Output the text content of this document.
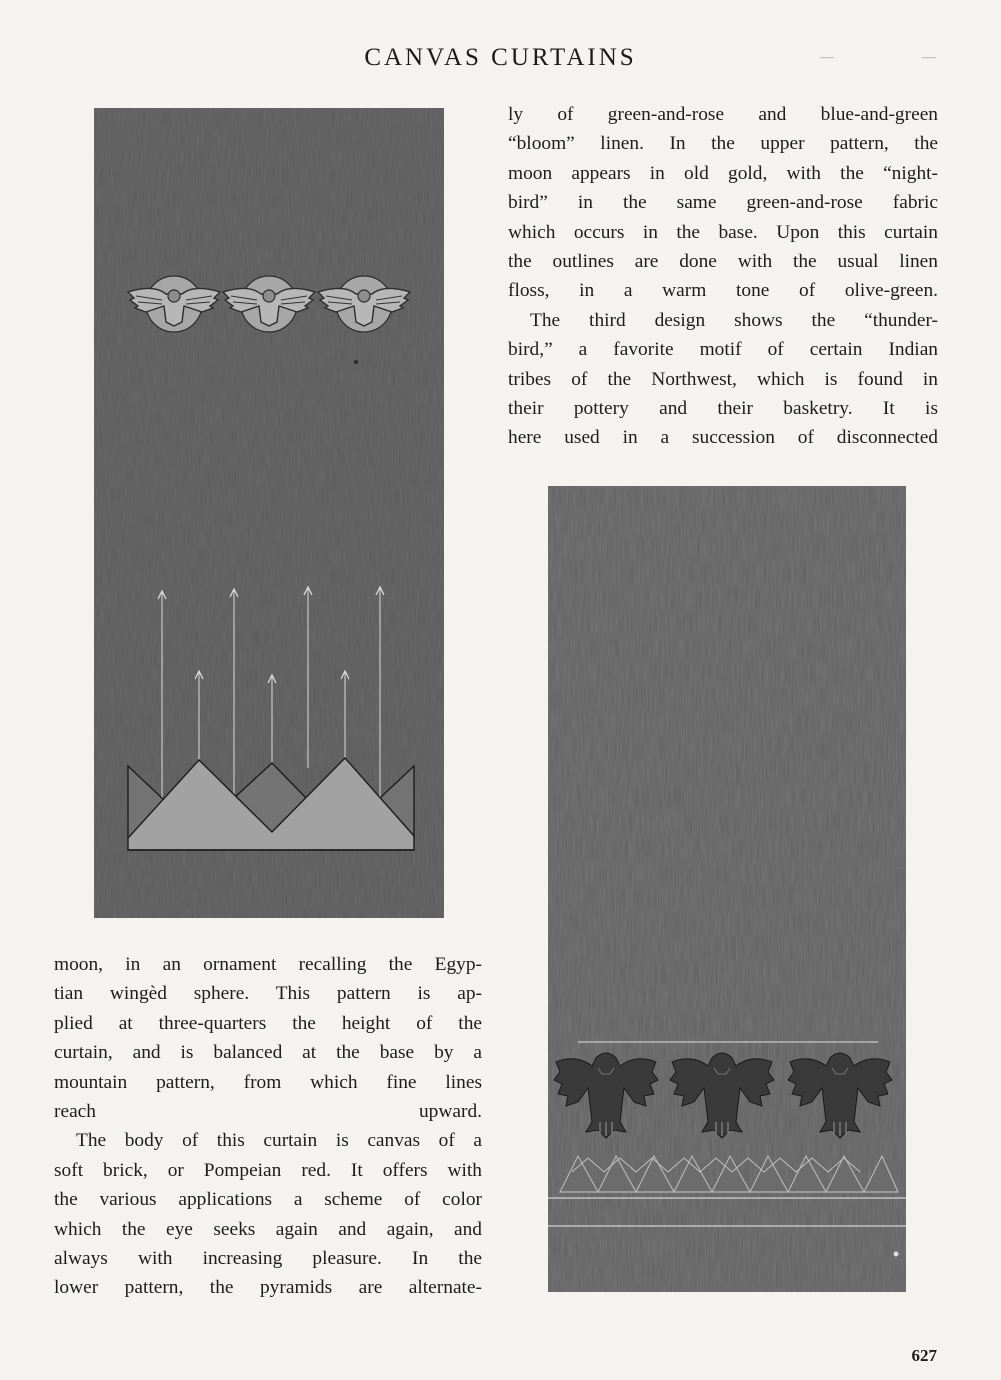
CANVAS CURTAINS	—	—
ly of green-and-rose and blue-and-green
“bloom” linen. In the upper pattern, the
moon appears in old gold, with the “night-
bird” in the same green-and-rose fabric
which occurs in the base. Upon this curtain
the outlines are done with the usual linen
floss, in a warm tone of olive-green.
The third design shows the “thunder-
bird,” a favorite motif of certain Indian
tribes of the Northwest, which is found in
their pottery and their basketry. It is
here used in a succession of disconnected
moon, in an ornament recalling the Egyp-
tian wingèd sphere. This pattern is ap-
plied at three-quarters the height of the
curtain, and is balanced at the base by a
mountain pattern, from which fine lines
reach upward.
The body of this curtain is canvas of a
soft brick, or Pompeian red. It offers with
the various applications a scheme of color
which the eye seeks again and again, and
always with increasing pleasure. In the
lower pattern, the pyramids are alternate-
627
